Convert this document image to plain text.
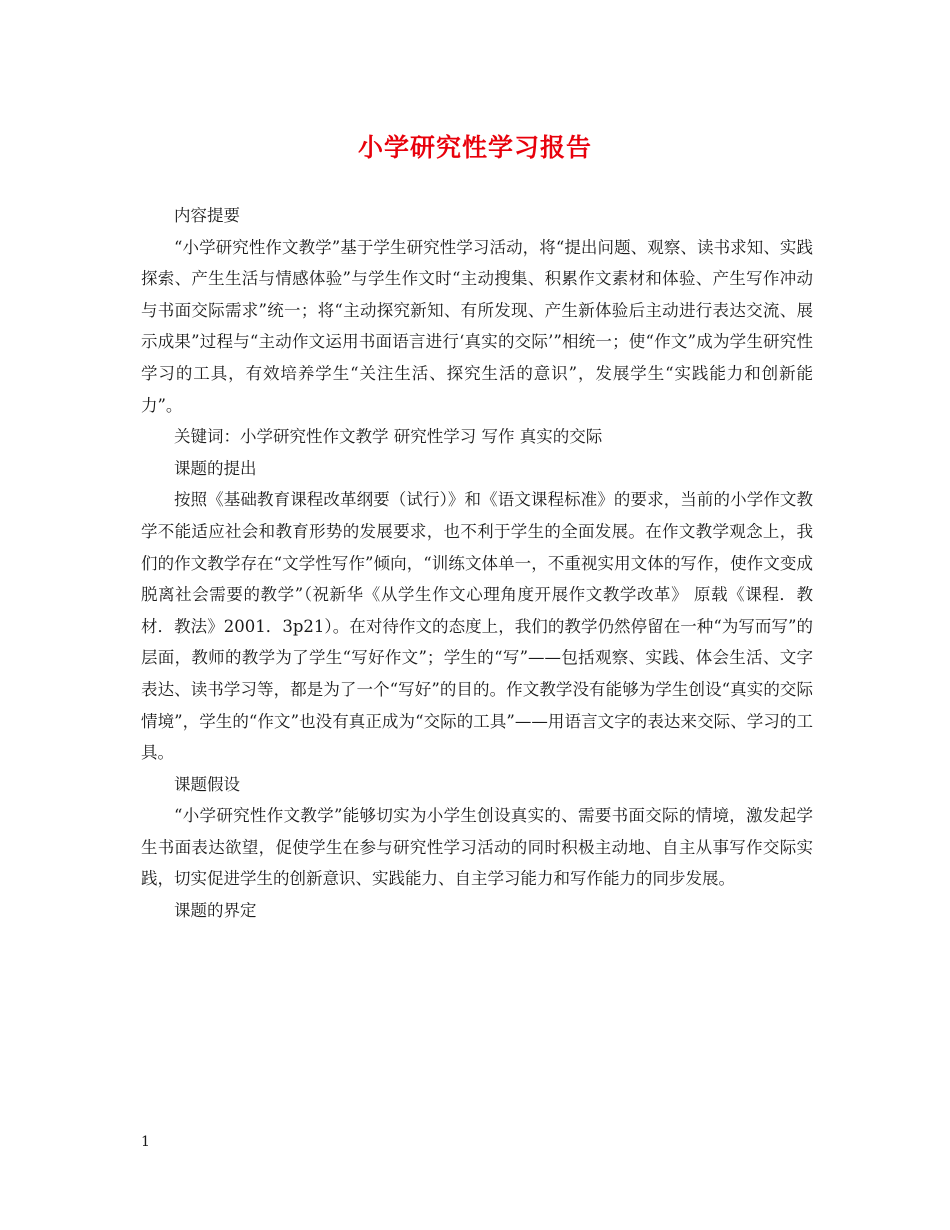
小学研究性学习报告

内容提要

“小学研究性作文教学”基于学生研究性学习活动，将“提出问题、观察、读书求知、实践探索、产生生活与情感体验”与学生作文时“主动搜集、积累作文素材和体验、产生写作冲动与书面交际需求”统一；将“主动探究新知、有所发现、产生新体验后主动进行表达交流、展示成果”过程与“主动作文运用书面语言进行‘真实的交际’”相统一；使“作文”成为学生研究性学习的工具，有效培养学生“关注生活、探究生活的意识”，发展学生“实践能力和创新能力”。

关键词：小学研究性作文教学 研究性学习 写作 真实的交际

课题的提出

按照《基础教育课程改革纲要（试行）》和《语文课程标准》的要求，当前的小学作文教学不能适应社会和教育形势的发展要求，也不利于学生的全面发展。在作文教学观念上，我们的作文教学存在“文学性写作”倾向，“训练文体单一，不重视实用文体的写作，使作文变成脱离社会需要的教学”（祝新华《从学生作文心理角度开展作文教学改革》 原载《课程．教材．教法》2001．3p21）。在对待作文的态度上，我们的教学仍然停留在一种“为写而写”的层面，教师的教学为了学生“写好作文”；学生的“写”——包括观察、实践、体会生活、文字表达、读书学习等，都是为了一个“写好”的目的。作文教学没有能够为学生创设“真实的交际情境”，学生的“作文”也没有真正成为“交际的工具”——用语言文字的表达来交际、学习的工具。

课题假设

“小学研究性作文教学”能够切实为小学生创设真实的、需要书面交际的情境，激发起学生书面表达欲望，促使学生在参与研究性学习活动的同时积极主动地、自主从事写作交际实践，切实促进学生的创新意识、实践能力、自主学习能力和写作能力的同步发展。

课题的界定

1
